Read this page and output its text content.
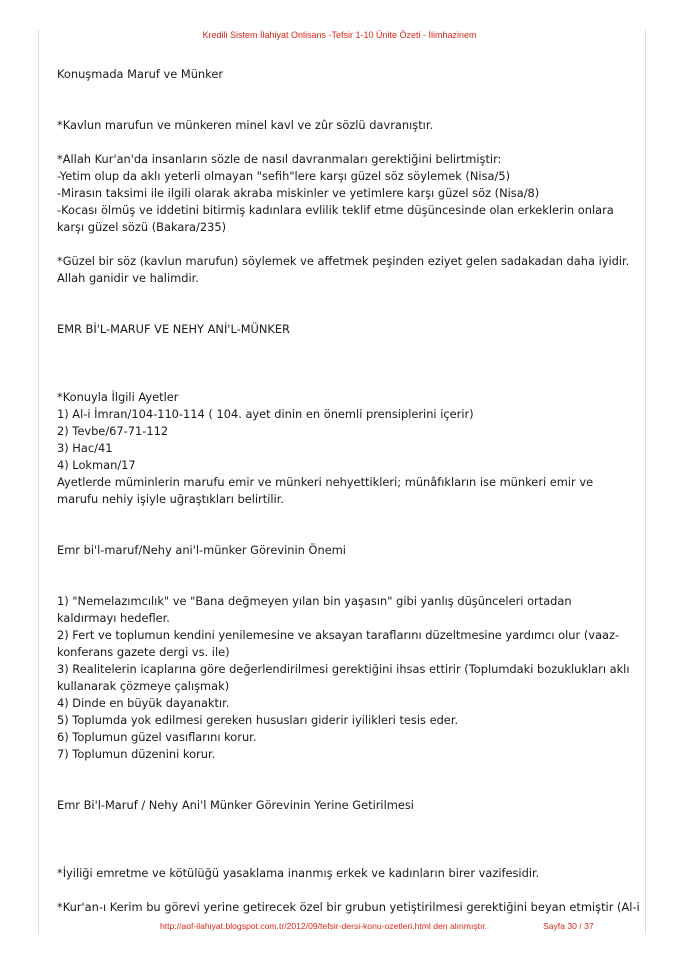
Kredili Sistem İlahiyat Onlisans -Tefsir 1-10 Ünite Özeti - İlimhazinem
Konuşmada Maruf ve Münker
*Kavlun marufun ve münkeren minel kavl ve zûr sözlü davranıştır.
*Allah Kur'an'da insanların sözle de nasıl davranmaları gerektiğini belirtmiştir:
-Yetim olup da aklı yeterli olmayan "sefih"lere karşı güzel söz söylemek (Nisa/5)
-Mirasın taksimi ile ilgili olarak akraba miskinler ve yetimlere karşı güzel söz (Nisa/8)
-Kocası ölmüş ve iddetini bitirmiş kadınlara evlilik teklif etme düşüncesinde olan erkeklerin onlara karşı güzel sözü (Bakara/235)
*Güzel bir söz (kavlun marufun) söylemek ve affetmek peşinden eziyet gelen sadakadan daha iyidir. Allah ganidir ve halimdir.
EMR Bİ'L-MARUF VE NEHY ANİ'L-MÜNKER
*Konuyla İlgili Ayetler
1) Al-i İmran/104-110-114 ( 104. ayet dinin en önemli prensiplerini içerir)
2) Tevbe/67-71-112
3) Hac/41
4) Lokman/17
Ayetlerde müminlerin marufu emir ve münkeri nehyettikleri; münâfıkların ise münkeri emir ve marufu nehiy işiyle uğraştıkları belirtilir.
Emr bi'l-maruf/Nehy ani'l-münker Görevinin Önemi
1) "Nemelazımcılık" ve "Bana değmeyen yılan bin yaşasın" gibi yanlış düşünceleri ortadan kaldırmayı hedefler.
2) Fert ve toplumun kendini yenilemesine ve aksayan taraflarını düzeltmesine yardımcı olur (vaaz-konferans gazete dergi vs. ile)
3) Realitelerin icaplarına göre değerlendirilmesi gerektiğini ihsas ettirir (Toplumdaki bozuklukları aklı kullanarak çözmeye çalışmak)
4) Dinde en büyük dayanaktır.
5) Toplumda yok edilmesi gereken hususları giderir iyilikleri tesis eder.
6) Toplumun güzel vasıflarını korur.
7) Toplumun düzenini korur.
Emr Bi'l-Maruf / Nehy Ani'l Münker Görevinin Yerine Getirilmesi
*İyiliği emretme ve kötülüğü yasaklama inanmış erkek ve kadınların birer vazifesidir.
*Kur'an-ı Kerim bu görevi yerine getirecek özel bir grubun yetiştirilmesi gerektiğini beyan etmiştir (Al-i
http://aof-ilahiyat.blogspot.com.tr/2012/09/tefsir-dersi-konu-ozetleri.html den alınmıştır.	Sayfa 30 / 37
